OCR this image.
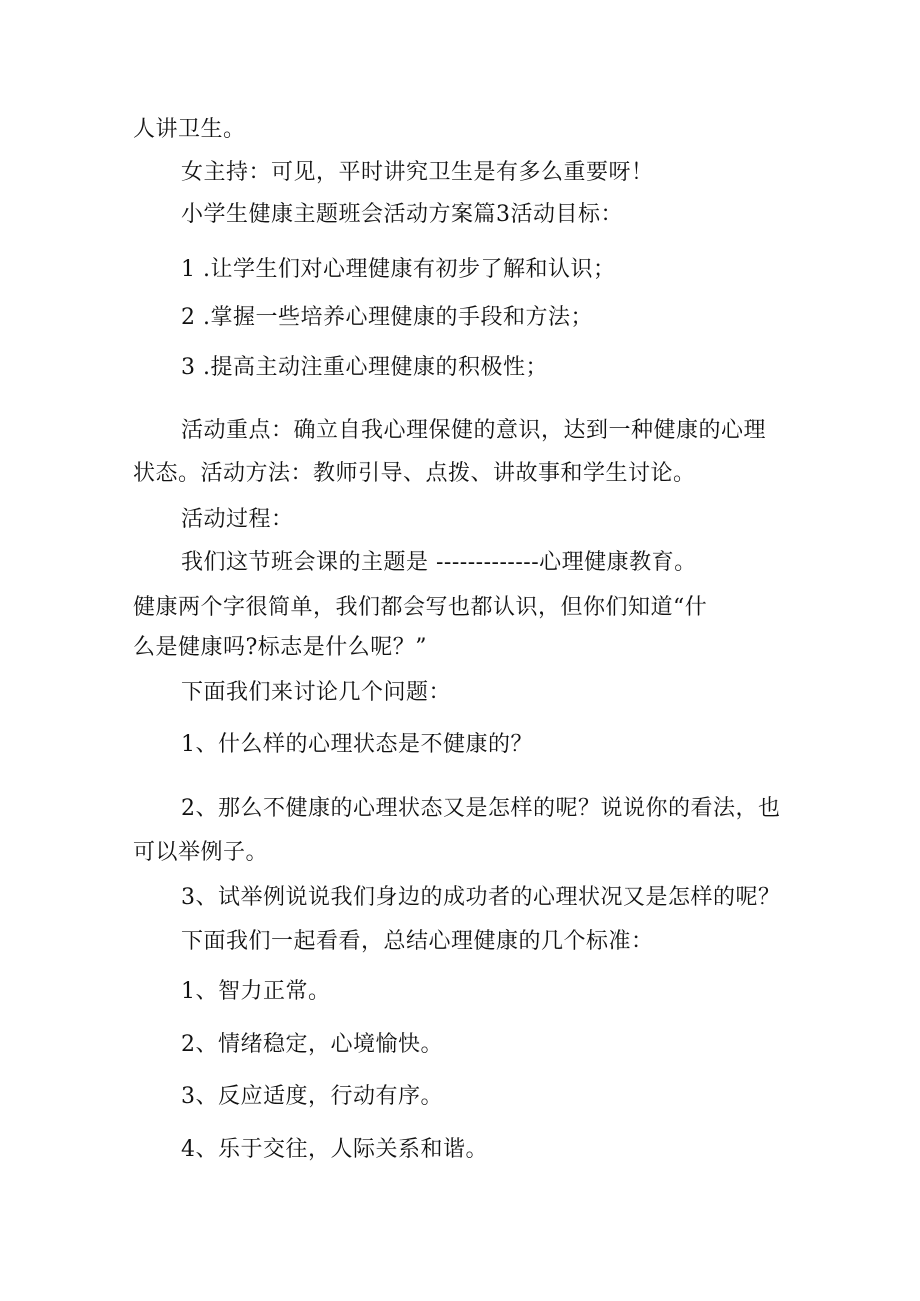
人讲卫生。

女主持：可见，平时讲究卫生是有多么重要呀！

小学生健康主题班会活动方案篇3活动目标：

1 .让学生们对心理健康有初步了解和认识；

2 .掌握一些培养心理健康的手段和方法；

3 .提高主动注重心理健康的积极性；

活动重点：确立自我心理保健的意识，达到一种健康的心理

状态。活动方法：教师引导、点拨、讲故事和学生讨论。

活动过程：

我们这节班会课的主题是 -------------心理健康教育。

健康两个字很简单，我们都会写也都认识，但你们知道“什

么是健康吗?标志是什么呢？”

下面我们来讨论几个问题：

1、什么样的心理状态是不健康的？

2、那么不健康的心理状态又是怎样的呢？说说你的看法，也

可以举例子。

3、试举例说说我们身边的成功者的心理状况又是怎样的呢？

下面我们一起看看，总结心理健康的几个标准：

1、智力正常。

2、情绪稳定，心境愉快。

3、反应适度，行动有序。

4、乐于交往，人际关系和谐。
